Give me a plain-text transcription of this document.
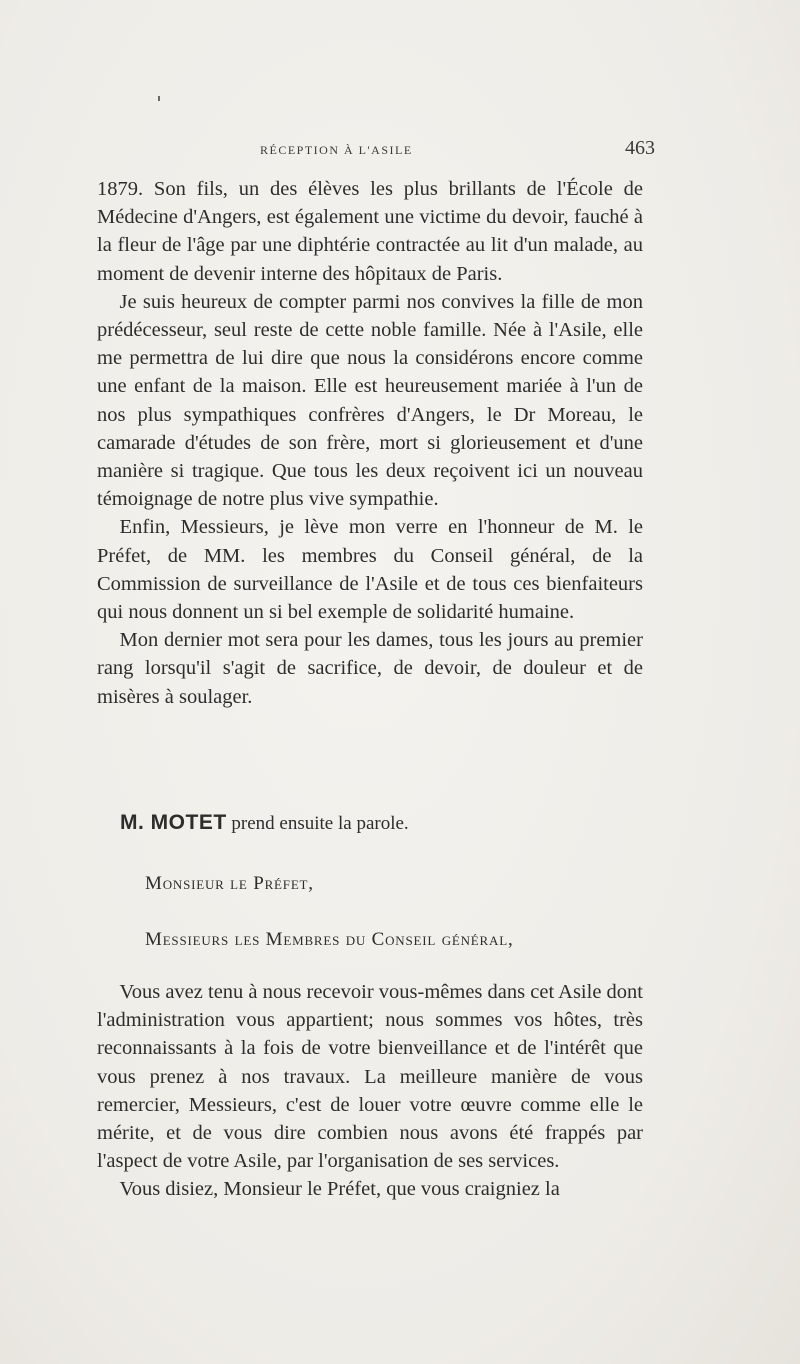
RÉCEPTION À L'ASILE	463

1879. Son fils, un des élèves les plus brillants de l'École de Médecine d'Angers, est également une victime du devoir, fauché à la fleur de l'âge par une diphtérie contractée au lit d'un malade, au moment de devenir interne des hôpitaux de Paris.

Je suis heureux de compter parmi nos convives la fille de mon prédécesseur, seul reste de cette noble famille. Née à l'Asile, elle me permettra de lui dire que nous la considérons encore comme une enfant de la maison. Elle est heureusement mariée à l'un de nos plus sympathiques confrères d'Angers, le Dr Moreau, le camarade d'études de son frère, mort si glorieusement et d'une manière si tragique. Que tous les deux reçoivent ici un nouveau témoignage de notre plus vive sympathie.

Enfin, Messieurs, je lève mon verre en l'honneur de M. le Préfet, de MM. les membres du Conseil général, de la Commission de surveillance de l'Asile et de tous ces bienfaiteurs qui nous donnent un si bel exemple de solidarité humaine.

Mon dernier mot sera pour les dames, tous les jours au premier rang lorsqu'il s'agit de sacrifice, de devoir, de douleur et de misères à soulager.

M. MOTET prend ensuite la parole.
Monsieur le Préfet,
Messieurs les Membres du Conseil général,

Vous avez tenu à nous recevoir vous-mêmes dans cet Asile dont l'administration vous appartient; nous sommes vos hôtes, très reconnaissants à la fois de votre bienveillance et de l'intérêt que vous prenez à nos travaux. La meilleure manière de vous remercier, Messieurs, c'est de louer votre œuvre comme elle le mérite, et de vous dire combien nous avons été frappés par l'aspect de votre Asile, par l'organisation de ses services.

Vous disiez, Monsieur le Préfet, que vous craigniez la
